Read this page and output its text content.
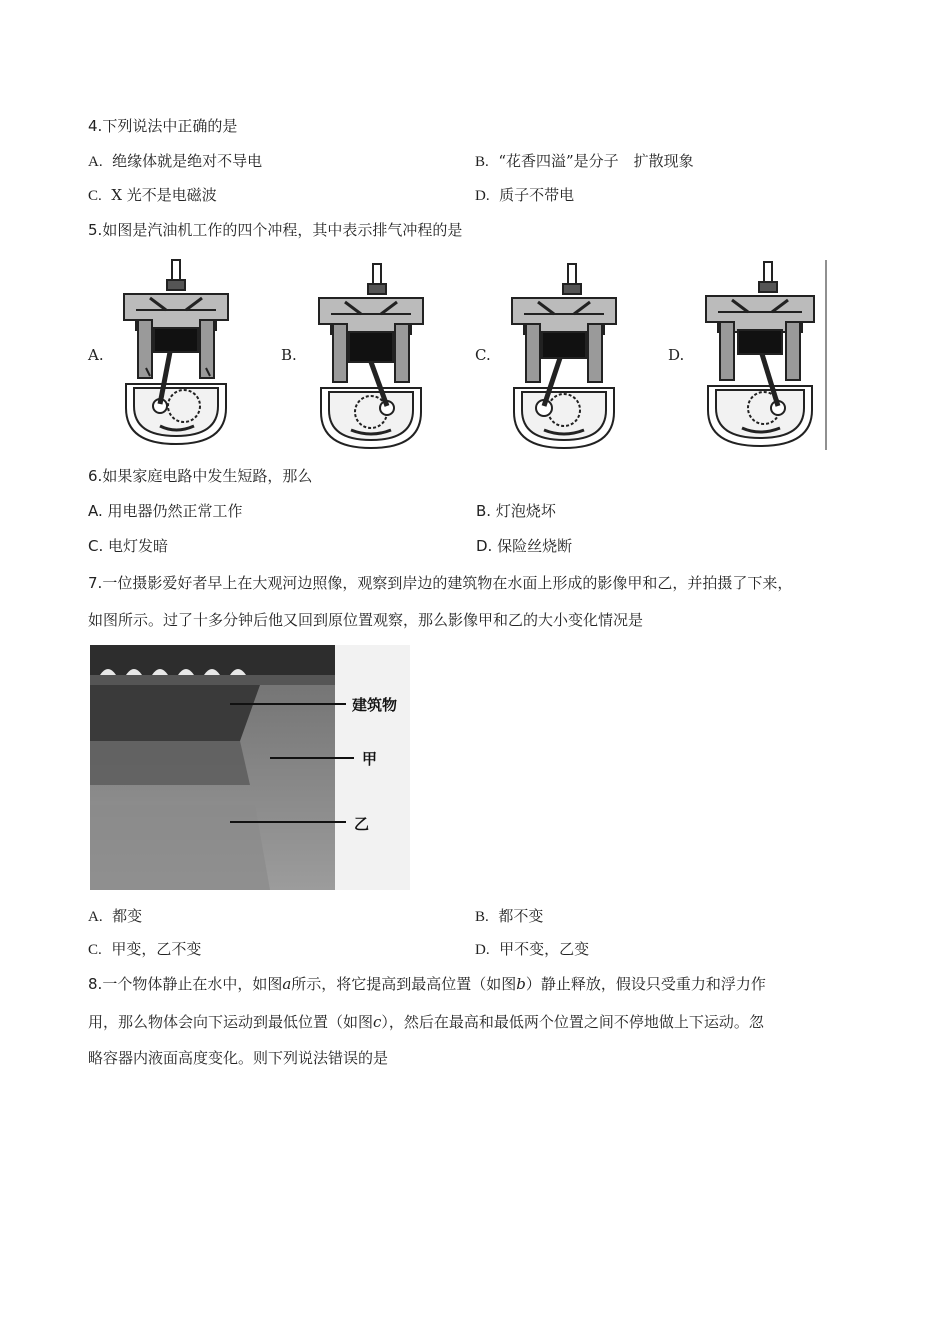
4.下列说法中正确的是
A. 绝缘体就是绝对不导电	B. “花香四溢”是分子　扩散现象
C. X 光不是电磁波	D. 质子不带电
5.如图是汽油机工作的四个冲程，其中表示排气冲程的是
A.	B.	C.	D.
6.如果家庭电路中发生短路，那么
A. 用电器仍然正常工作	B. 灯泡烧坏
C. 电灯发暗	D. 保险丝烧断
7.一位摄影爱好者早上在大观河边照像，观察到岸边的建筑物在水面上形成的影像甲和乙，并拍摄了下来，
如图所示。过了十多分钟后他又回到原位置观察，那么影像甲和乙的大小变化情况是
建筑物
甲
乙
A. 都变	B. 都不变
C. 甲变，乙不变	D. 甲不变，乙变
8.一个物体静止在水中，如图a所示，将它提高到最高位置（如图b）静止释放，假设只受重力和浮力作
用，那么物体会向下运动到最低位置（如图c），然后在最高和最低两个位置之间不停地做上下运动。忽
略容器内液面高度变化。则下列说法错误的是
